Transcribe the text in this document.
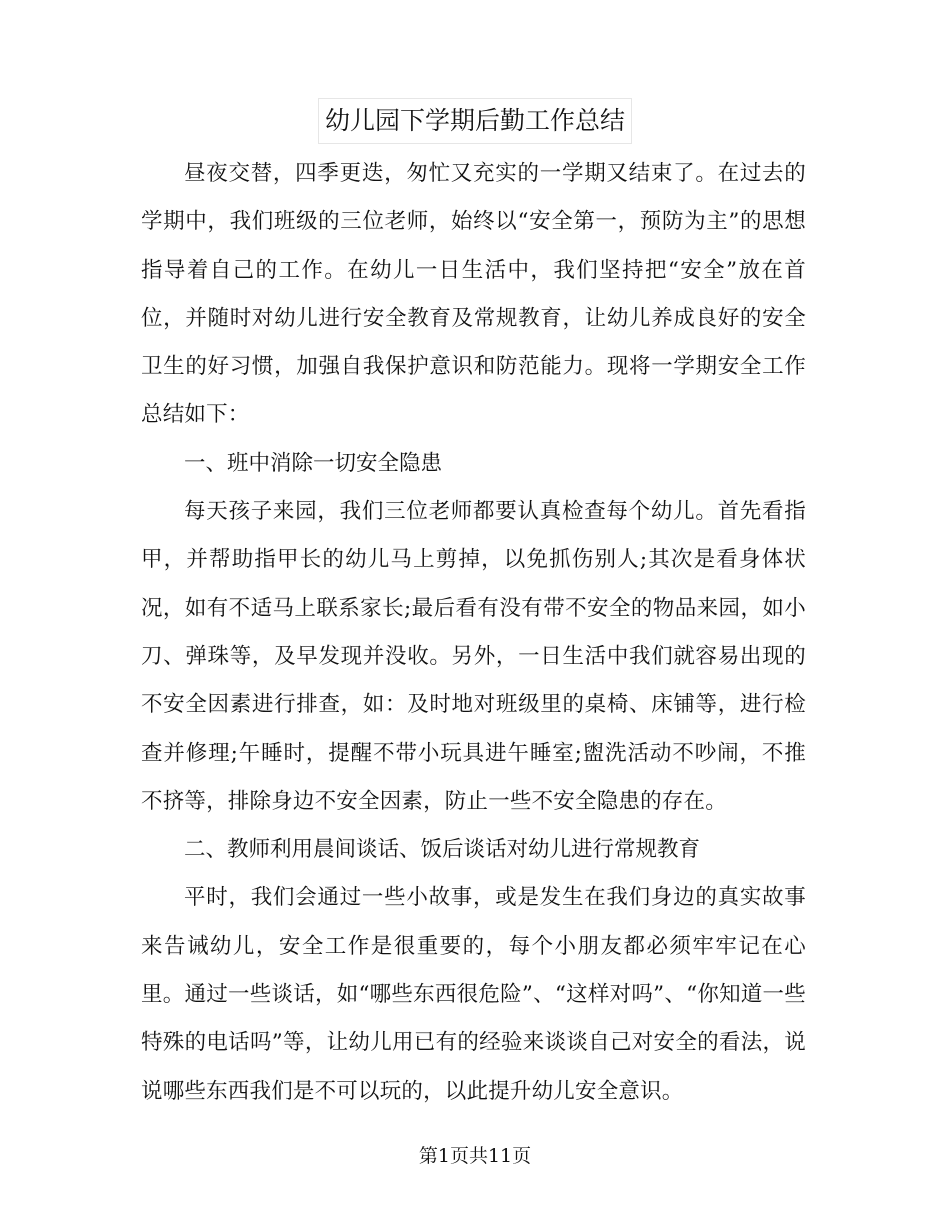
幼儿园下学期后勤工作总结

昼夜交替，四季更迭，匆忙又充实的一学期又结束了。在过去的学期中，我们班级的三位老师，始终以“安全第一，预防为主”的思想指导着自己的工作。在幼儿一日生活中，我们坚持把“安全”放在首位，并随时对幼儿进行安全教育及常规教育，让幼儿养成良好的安全卫生的好习惯，加强自我保护意识和防范能力。现将一学期安全工作总结如下：

一、班中消除一切安全隐患

每天孩子来园，我们三位老师都要认真检查每个幼儿。首先看指甲，并帮助指甲长的幼儿马上剪掉，以免抓伤别人;其次是看身体状况，如有不适马上联系家长;最后看有没有带不安全的物品来园，如小刀、弹珠等，及早发现并没收。另外，一日生活中我们就容易出现的不安全因素进行排查，如：及时地对班级里的桌椅、床铺等，进行检查并修理;午睡时，提醒不带小玩具进午睡室;盥洗活动不吵闹，不推不挤等，排除身边不安全因素，防止一些不安全隐患的存在。

二、教师利用晨间谈话、饭后谈话对幼儿进行常规教育

平时，我们会通过一些小故事，或是发生在我们身边的真实故事来告诫幼儿，安全工作是很重要的，每个小朋友都必须牢牢记在心里。通过一些谈话，如“哪些东西很危险”、“这样对吗”、“你知道一些特殊的电话吗”等，让幼儿用已有的经验来谈谈自己对安全的看法，说说哪些东西我们是不可以玩的，以此提升幼儿安全意识。

第1页共11页
